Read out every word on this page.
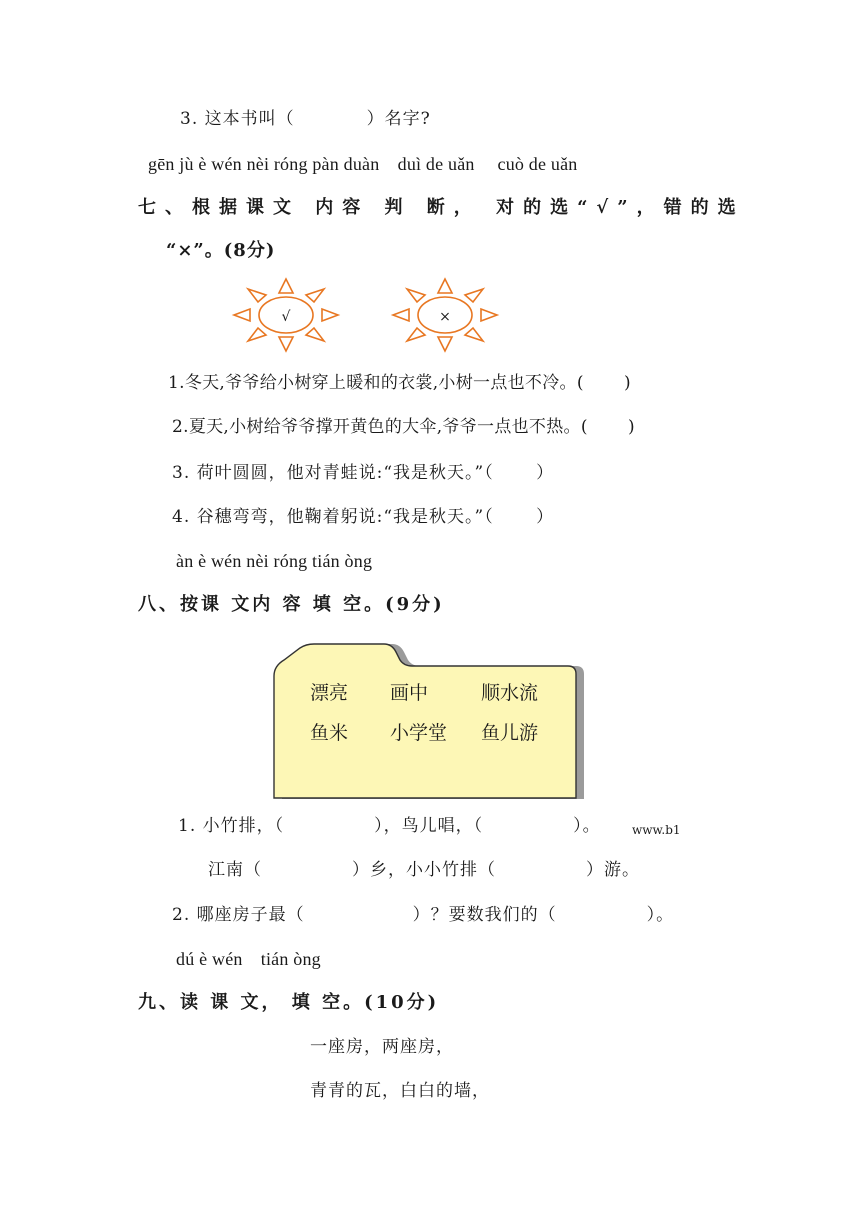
3. 这本书叫（　　　　）名字?
gēn jù è wén nèi róng pàn duàn　duì de uǎn　 cuò de uǎn
七、根据课文 内容 判 断， 对的选“√”，错的选
“×”。(8分)
√	×
1.冬天,爷爷给小树穿上暖和的衣裳,小树一点也不冷。(　　 )
2.夏天,小树给爷爷撑开黄色的大伞,爷爷一点也不热。(　　 )
3. 荷叶圆圆，他对青蛙说:“我是秋天。”（　　 ）
4. 谷穗弯弯，他鞠着躬说:“我是秋天。”（　　 ）
àn è wén nèi róng tián òng
八、按课 文内 容 填 空。(9分)
漂亮 画中	顺水流
鱼米 小学堂 鱼儿游
1. 小竹排，（　　　　　），鸟儿唱，（　　　　　）。	www.b1
江南（　　　　　）乡，小小竹排（　　　　　）游。
2. 哪座房子最（　　　　　　）？要数我们的（　　　　　）。
dú è wén　tián òng
九、读 课 文， 填 空。(10分)
一座房，两座房，
青青的瓦，白白的墙，
